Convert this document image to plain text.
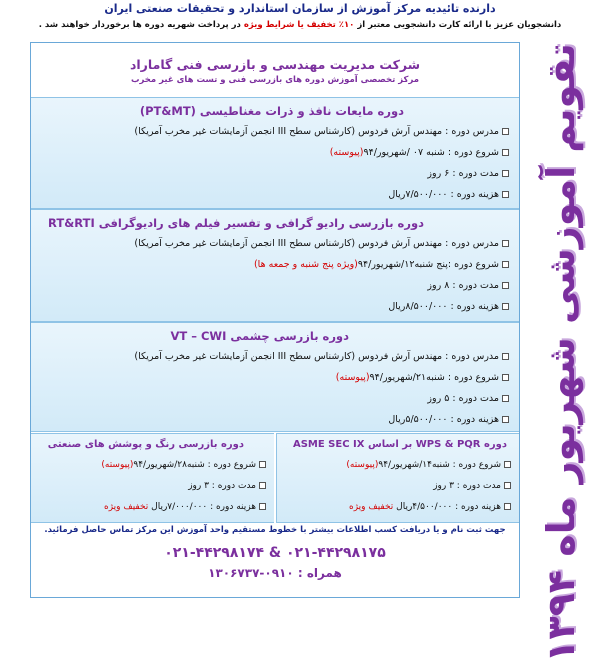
دارنده تائیدیه مرکز آموزش از سازمان استاندارد و تحقیقات صنعتی ایران
دانشجویان عزیز با ارائه کارت دانشجویی معتبر از ۱۰٪ تخفیف یا شرایط ویژه در پرداخت شهریه دوره ها برخوردار خواهند شد .
شرکت مدیریت مهندسی و بازرسی فنی گاماراد
مرکز تخصصی آموزش دوره های بازرسی فنی و تست های غیر مخرب
دوره مایعات نافذ و ذرات مغناطیسی (PT&MT)
مدرس دوره : مهندس آرش فردوس (کارشناس سطح III انجمن آزمایشات غیر مخرب آمریکا)
شروع دوره : شنبه ۰۷ /شهریور/۹۴(پیوسته)
مدت دوره : ۶ روز
هزینه دوره : ۷/۵۰۰/۰۰۰ریال
دوره بازرسی رادیو گرافی و تفسیر فیلم های رادیوگرافی RT&RTI
مدرس دوره : مهندس آرش فردوس (کارشناس سطح III انجمن آزمایشات غیر مخرب آمریکا)
شروع دوره :پنج شنبه۱۲/شهریور/۹۴(ویژه پنج شنبه و جمعه ها)
مدت دوره : ۸ روز
هزینه دوره : ۸/۵۰۰/۰۰۰ریال
دوره بازرسی چشمی VT – CWI
مدرس دوره : مهندس آرش فردوس (کارشناس سطح III انجمن آزمایشات غیر مخرب آمریکا)
شروع دوره : شنبه۲۱/شهریور/۹۴(پیوسته)
مدت دوره : ۵ روز
هزینه دوره : ۵/۵۰۰/۰۰۰ریال
دوره WPS & PQR بر اساس ASME SEC IX
شروع دوره : شنبه۱۴/شهریور/۹۴(پیوسته)
مدت دوره : ۳ روز
هزینه دوره : ۴/۵۰۰/۰۰۰ریال تخفیف ویژه
دوره بازرسی رنگ و پوشش های صنعتی
شروع دوره : شنبه۲۸/شهریور/۹۴(پیوسته)
مدت دوره : ۳ روز
هزینه دوره : ۷/۰۰۰/۰۰۰ریال تخفیف ویژه
جهت ثبت نام و یا دریافت کسب اطلاعات بیشتر با خطوط مستقیم واحد آموزش این مرکز تماس حاصل فرمائید.
۰۲۱-۴۴۲۹۸۱۷۴ & ۰۲۱-۴۴۲۹۸۱۷۵
همراه : ۰۹۱۰-۱۳۰۶۷۳۷	تقویم آموزشی شهریور ماه ۱۳۹۴
